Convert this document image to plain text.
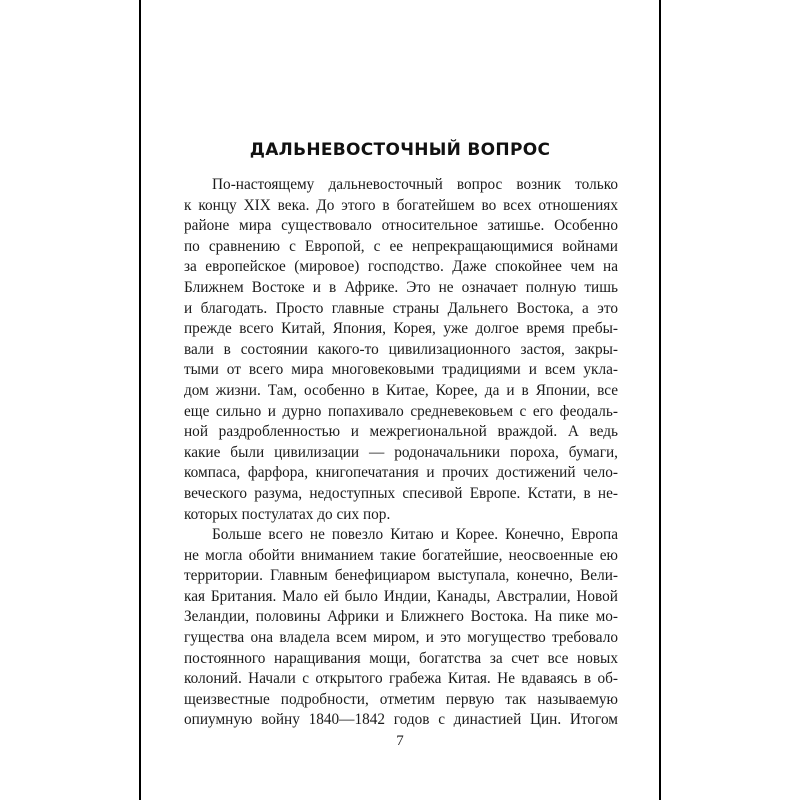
ДАЛЬНЕВОСТОЧНЫЙ ВОПРОС
По-настоящему дальневосточный вопрос возник только
к концу XIX века. До этого в богатейшем во всех отношениях
районе мира существовало относительное затишье. Особенно
по сравнению с Европой, с ее непрекращающимися войнами
за европейское (мировое) господство. Даже спокойнее чем на
Ближнем Востоке и в Африке. Это не означает полную тишь
и благодать. Просто главные страны Дальнего Востока, а это
прежде всего Китай, Япония, Корея, уже долгое время пребы-
вали в состоянии какого-то цивилизационного застоя, закры-
тыми от всего мира многовековыми традициями и всем укла-
дом жизни. Там, особенно в Китае, Корее, да и в Японии, все
еще сильно и дурно попахивало средневековьем с его феодаль-
ной раздробленностью и межрегиональной враждой. А ведь
какие были цивилизации — родоначальники пороха, бумаги,
компаса, фарфора, книгопечатания и прочих достижений чело-
веческого разума, недоступных спесивой Европе. Кстати, в не-
которых постулатах до сих пор.
Больше всего не повезло Китаю и Корее. Конечно, Европа
не могла обойти вниманием такие богатейшие, неосвоенные ею
территории. Главным бенефициаром выступала, конечно, Вели-
кая Британия. Мало ей было Индии, Канады, Австралии, Новой
Зеландии, половины Африки и Ближнего Востока. На пике мо-
гущества она владела всем миром, и это могущество требовало
постоянного наращивания мощи, богатства за счет все новых
колоний. Начали с открытого грабежа Китая. Не вдаваясь в об-
щеизвестные подробности, отметим первую так называемую
опиумную войну 1840—1842 годов с династией Цин. Итогом
7
